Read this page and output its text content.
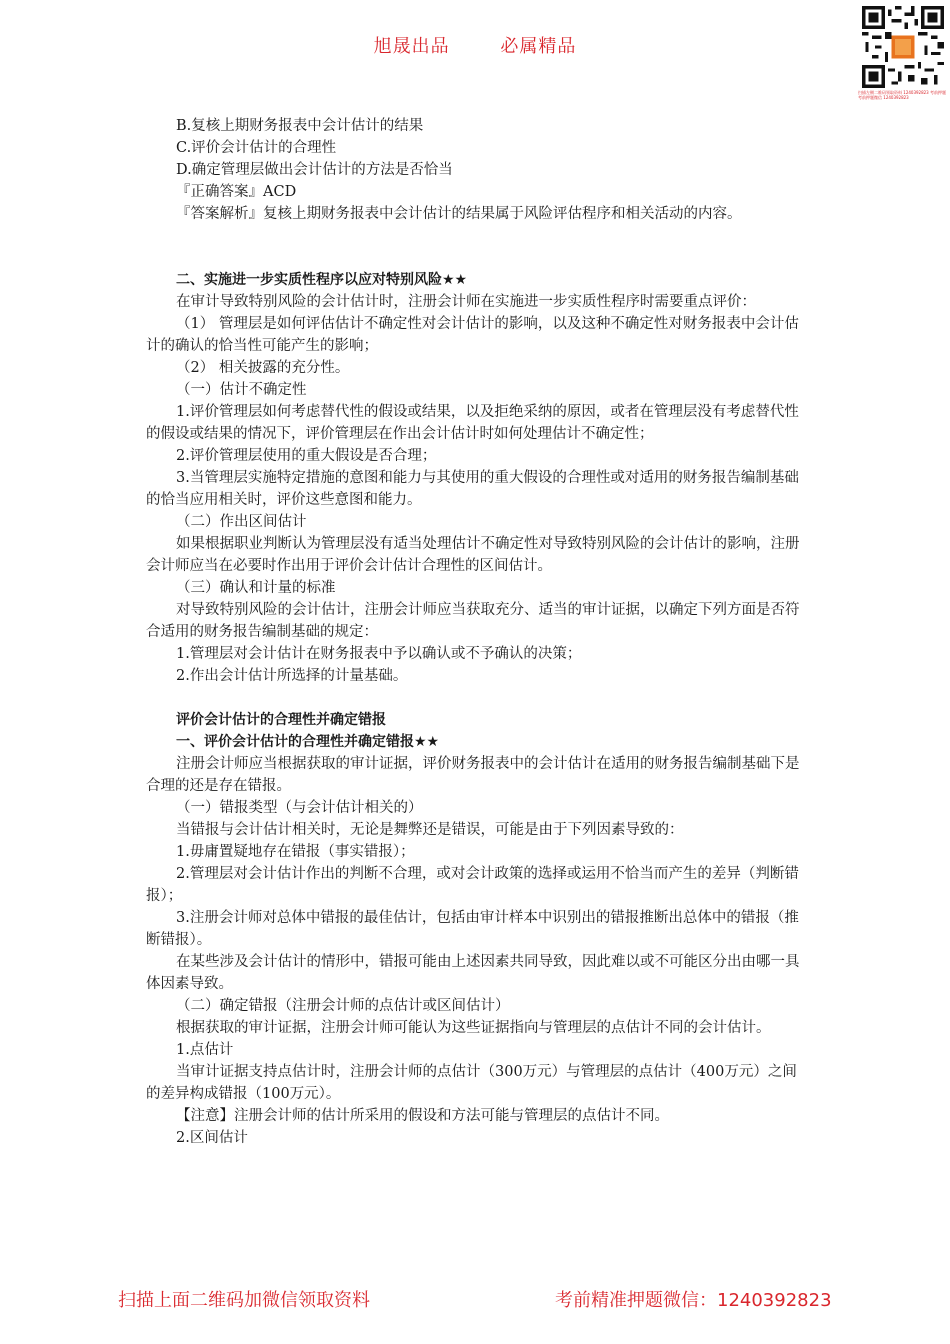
旭晟出品	必属精品
扫描左侧二维码领取资料 1240392823 考前押题 考前押题微信 1240392823

B.复核上期财务报表中会计估计的结果

C.评价会计估计的合理性

D.确定管理层做出会计估计的方法是否恰当

『正确答案』ACD

『答案解析』复核上期财务报表中会计估计的结果属于风险评估程序和相关活动的内容。

二、实施进一步实质性程序以应对特别风险★★

在审计导致特别风险的会计估计时，注册会计师在实施进一步实质性程序时需要重点评价：

（1） 管理层是如何评估估计不确定性对会计估计的影响，以及这种不确定性对财务报表中会计估计的确认的恰当性可能产生的影响；

（2） 相关披露的充分性。

（一）估计不确定性

1.评价管理层如何考虑替代性的假设或结果，以及拒绝采纳的原因，或者在管理层没有考虑替代性的假设或结果的情况下，评价管理层在作出会计估计时如何处理估计不确定性；

2.评价管理层使用的重大假设是否合理；

3.当管理层实施特定措施的意图和能力与其使用的重大假设的合理性或对适用的财务报告编制基础的恰当应用相关时，评价这些意图和能力。

（二）作出区间估计

如果根据职业判断认为管理层没有适当处理估计不确定性对导致特别风险的会计估计的影响，注册会计师应当在必要时作出用于评价会计估计合理性的区间估计。

（三）确认和计量的标准

对导致特别风险的会计估计，注册会计师应当获取充分、适当的审计证据，以确定下列方面是否符合适用的财务报告编制基础的规定：

1.管理层对会计估计在财务报表中予以确认或不予确认的决策；

2.作出会计估计所选择的计量基础。

评价会计估计的合理性并确定错报

一、评价会计估计的合理性并确定错报★★

注册会计师应当根据获取的审计证据，评价财务报表中的会计估计在适用的财务报告编制基础下是合理的还是存在错报。

（一）错报类型（与会计估计相关的）

当错报与会计估计相关时，无论是舞弊还是错误，可能是由于下列因素导致的：

1.毋庸置疑地存在错报（事实错报）；

2.管理层对会计估计作出的判断不合理，或对会计政策的选择或运用不恰当而产生的差异（判断错报）；

3.注册会计师对总体中错报的最佳估计，包括由审计样本中识别出的错报推断出总体中的错报（推断错报）。

在某些涉及会计估计的情形中，错报可能由上述因素共同导致，因此难以或不可能区分出由哪一具体因素导致。

（二）确定错报（注册会计师的点估计或区间估计）

根据获取的审计证据，注册会计师可能认为这些证据指向与管理层的点估计不同的会计估计。

1.点估计

当审计证据支持点估计时，注册会计师的点估计（300万元）与管理层的点估计（400万元）之间的差异构成错报（100万元）。

【注意】注册会计师的估计所采用的假设和方法可能与管理层的点估计不同。

2.区间估计

扫描上面二维码加微信领取资料	考前精准押题微信：1240392823
